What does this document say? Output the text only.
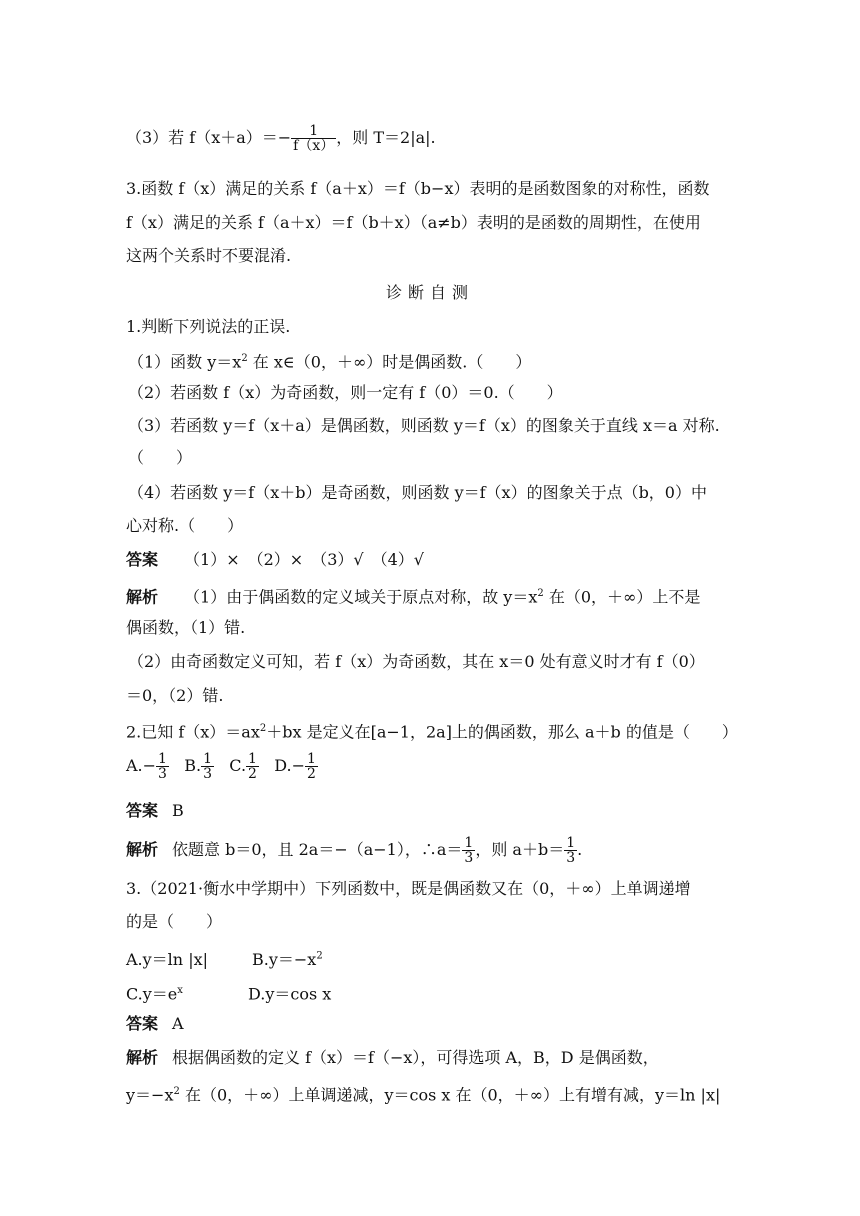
（3）若 $f(x+a)=- \frac{1}{f(x)}$ ，则 T＝2|a|.
3.函数 f（x）满足的关系 f（a＋x）＝f（b−x）表明的是函数图象的对称性，函数
f（x）满足的关系 f（a＋x）＝f（b＋x）（a≠b）表明的是函数的周期性，在使用
这两个关系时不要混淆.
诊断自测
1.判断下列说法的正误.
（1）函数 $y=x^2$ 在 x∈（0，＋∞）时是偶函数.（　　）
（2）若函数 f（x）为奇函数，则一定有 f（0）＝0.（　　）
（3）若函数 y＝f（x＋a）是偶函数，则函数 y＝f（x）的图象关于直线 x＝a 对称.
（　　）
（4）若函数 y＝f（x＋b）是奇函数，则函数 y＝f（x）的图象关于点（b，0）中
心对称.（　　）
答案 （1）×　（2）×　（3）√　（4）√
解析 （1）由于偶函数的定义域关于原点对称，故 $y=x^2$ 在（0，＋∞）上不是
偶函数，（1）错.
（2）由奇函数定义可知，若 f（x）为奇函数，其在 x＝0 处有意义时才有 f（0）
＝0，（2）错.
2.已知 $f(x)=ax^2+bx$ 是定义在[a−1，2a]上的偶函数，那么 a＋b 的值是（　　）
$A.- \frac{1}{3} B$. $\frac{1}{3} C$. $\frac{1}{2} D.- \frac{1}{2}$
答案 B
解析 依题意 b＝0，且 2a＝−（a−1），∴a＝ $\frac{1}{3}$ ，则 $a+b= \frac{1}{3}$ .
3.（2021·衡水中学期中）下列函数中，既是偶函数又在（0，＋∞）上单调递增
的是（　　）
A.y＝ln |x|	$B.y=-x^2$
$C.y=e^x$	D.y＝cos x
答案 A
解析 根据偶函数的定义 f（x）＝f（−x），可得选项 A，B，D 是偶函数，
$y=-x^2$ 在（0，＋∞）上单调递减，y＝cos x 在（0，＋∞）上有增有减，y＝ln |x|
